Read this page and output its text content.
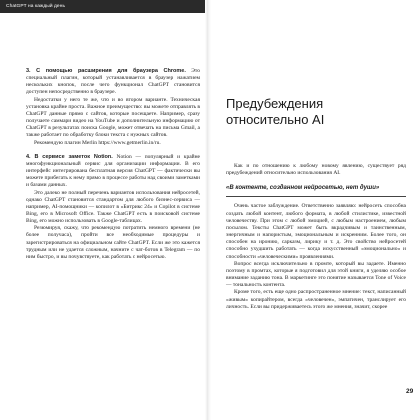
ChatGPT на каждый день

3. С помощью расширения для браузера Chrome. Это специальный плагин, который устанавливается в браузер нажатием нескольких кнопок, после чего функционал ChatGPT становится доступен непосредственно в браузере.

Недостатки у него те же, что и во втором варианте. Техническая установка крайне проста. Важное преимущество: вы можете отправлять в ChatGPT данные прямо с сайтов, которые посещаете. Например, сразу получаете саммари видео на YouTube и дополнительную информацию от ChatGPT в результатах поиска Google, может отвечать на письма Gmail, а также работает по обработку блоки текста с нужных сайтов.

Рекомендую плагин Merlin https://www.getmerlin.in/ru.

4. В сервисе заметок Notion. Notion — популярный и крайне многофункциональный сервис для организации информации. В его интерфейс интегрирована бесплатная версия ChatGPT — фактически вы можете прибегать к нему прямо в процессе работы над своими заметками и базами данных.

Это далеко не полный перечень вариантов использования нейросетей, однако ChatGPT становится стандартом для любого бизнес-сервиса — например, AI-помощники — копилот в «Битрикс 24» и Copilot в системе Bing, его в Microsoft Office. Также ChatGPT есть в поисковой системе Bing, его можно использовать в Google-таблицах.

Резюмируя, скажу, что рекомендую потратить немного времени (не более получаса), пройти все необходимые процедуры и зарегистрироваться на официальном сайте ChatGPT. Если же это кажется трудным или не удается сложным, начните с чат-ботов в Telegram — по ним быстро, и вы почувствуете, как работать с нейросетью.

Предубеждения
относительно AI

Как и по отношению к любому новому явлению, существует ряд предубеждений относительно использования AI.

«В контенте, созданном нейросетью, нет души»

Очень частое заблуждение. Ответственно заявляю: нейросеть способна создать любой контент, любого формата, в любой стилистике, известной человечеству. При этом с любой эмоцией, с любым настроением, любым посылом. Тексты ChatGPT может быть вкрадчивым и таинственным, энергичным и напористым, эмоциональным и искренним. Более того, он способен на иронию, сарказм, лирику и т. д. Это свойство нейросетей способно ухудшить работать — когда искусственный «эмоционально» и способности «человеческими» проявлениями.

Вопрос всегда исключительно в промте, который вы задаете. Именно поэтому в промтах, которые я подготовил для этой книги, я уделяю особое внимание заданию тона. В маркетинге это понятие называется Tone of Voice — тональность контента.

Кроме того, есть еще одно распространенное мнение: текст, написанный «живым» копирайтером, всегда «человечен», эмпатичен, транслирует его личность. Если вы придерживаетесь этого же мнения, значит, скорее

29
